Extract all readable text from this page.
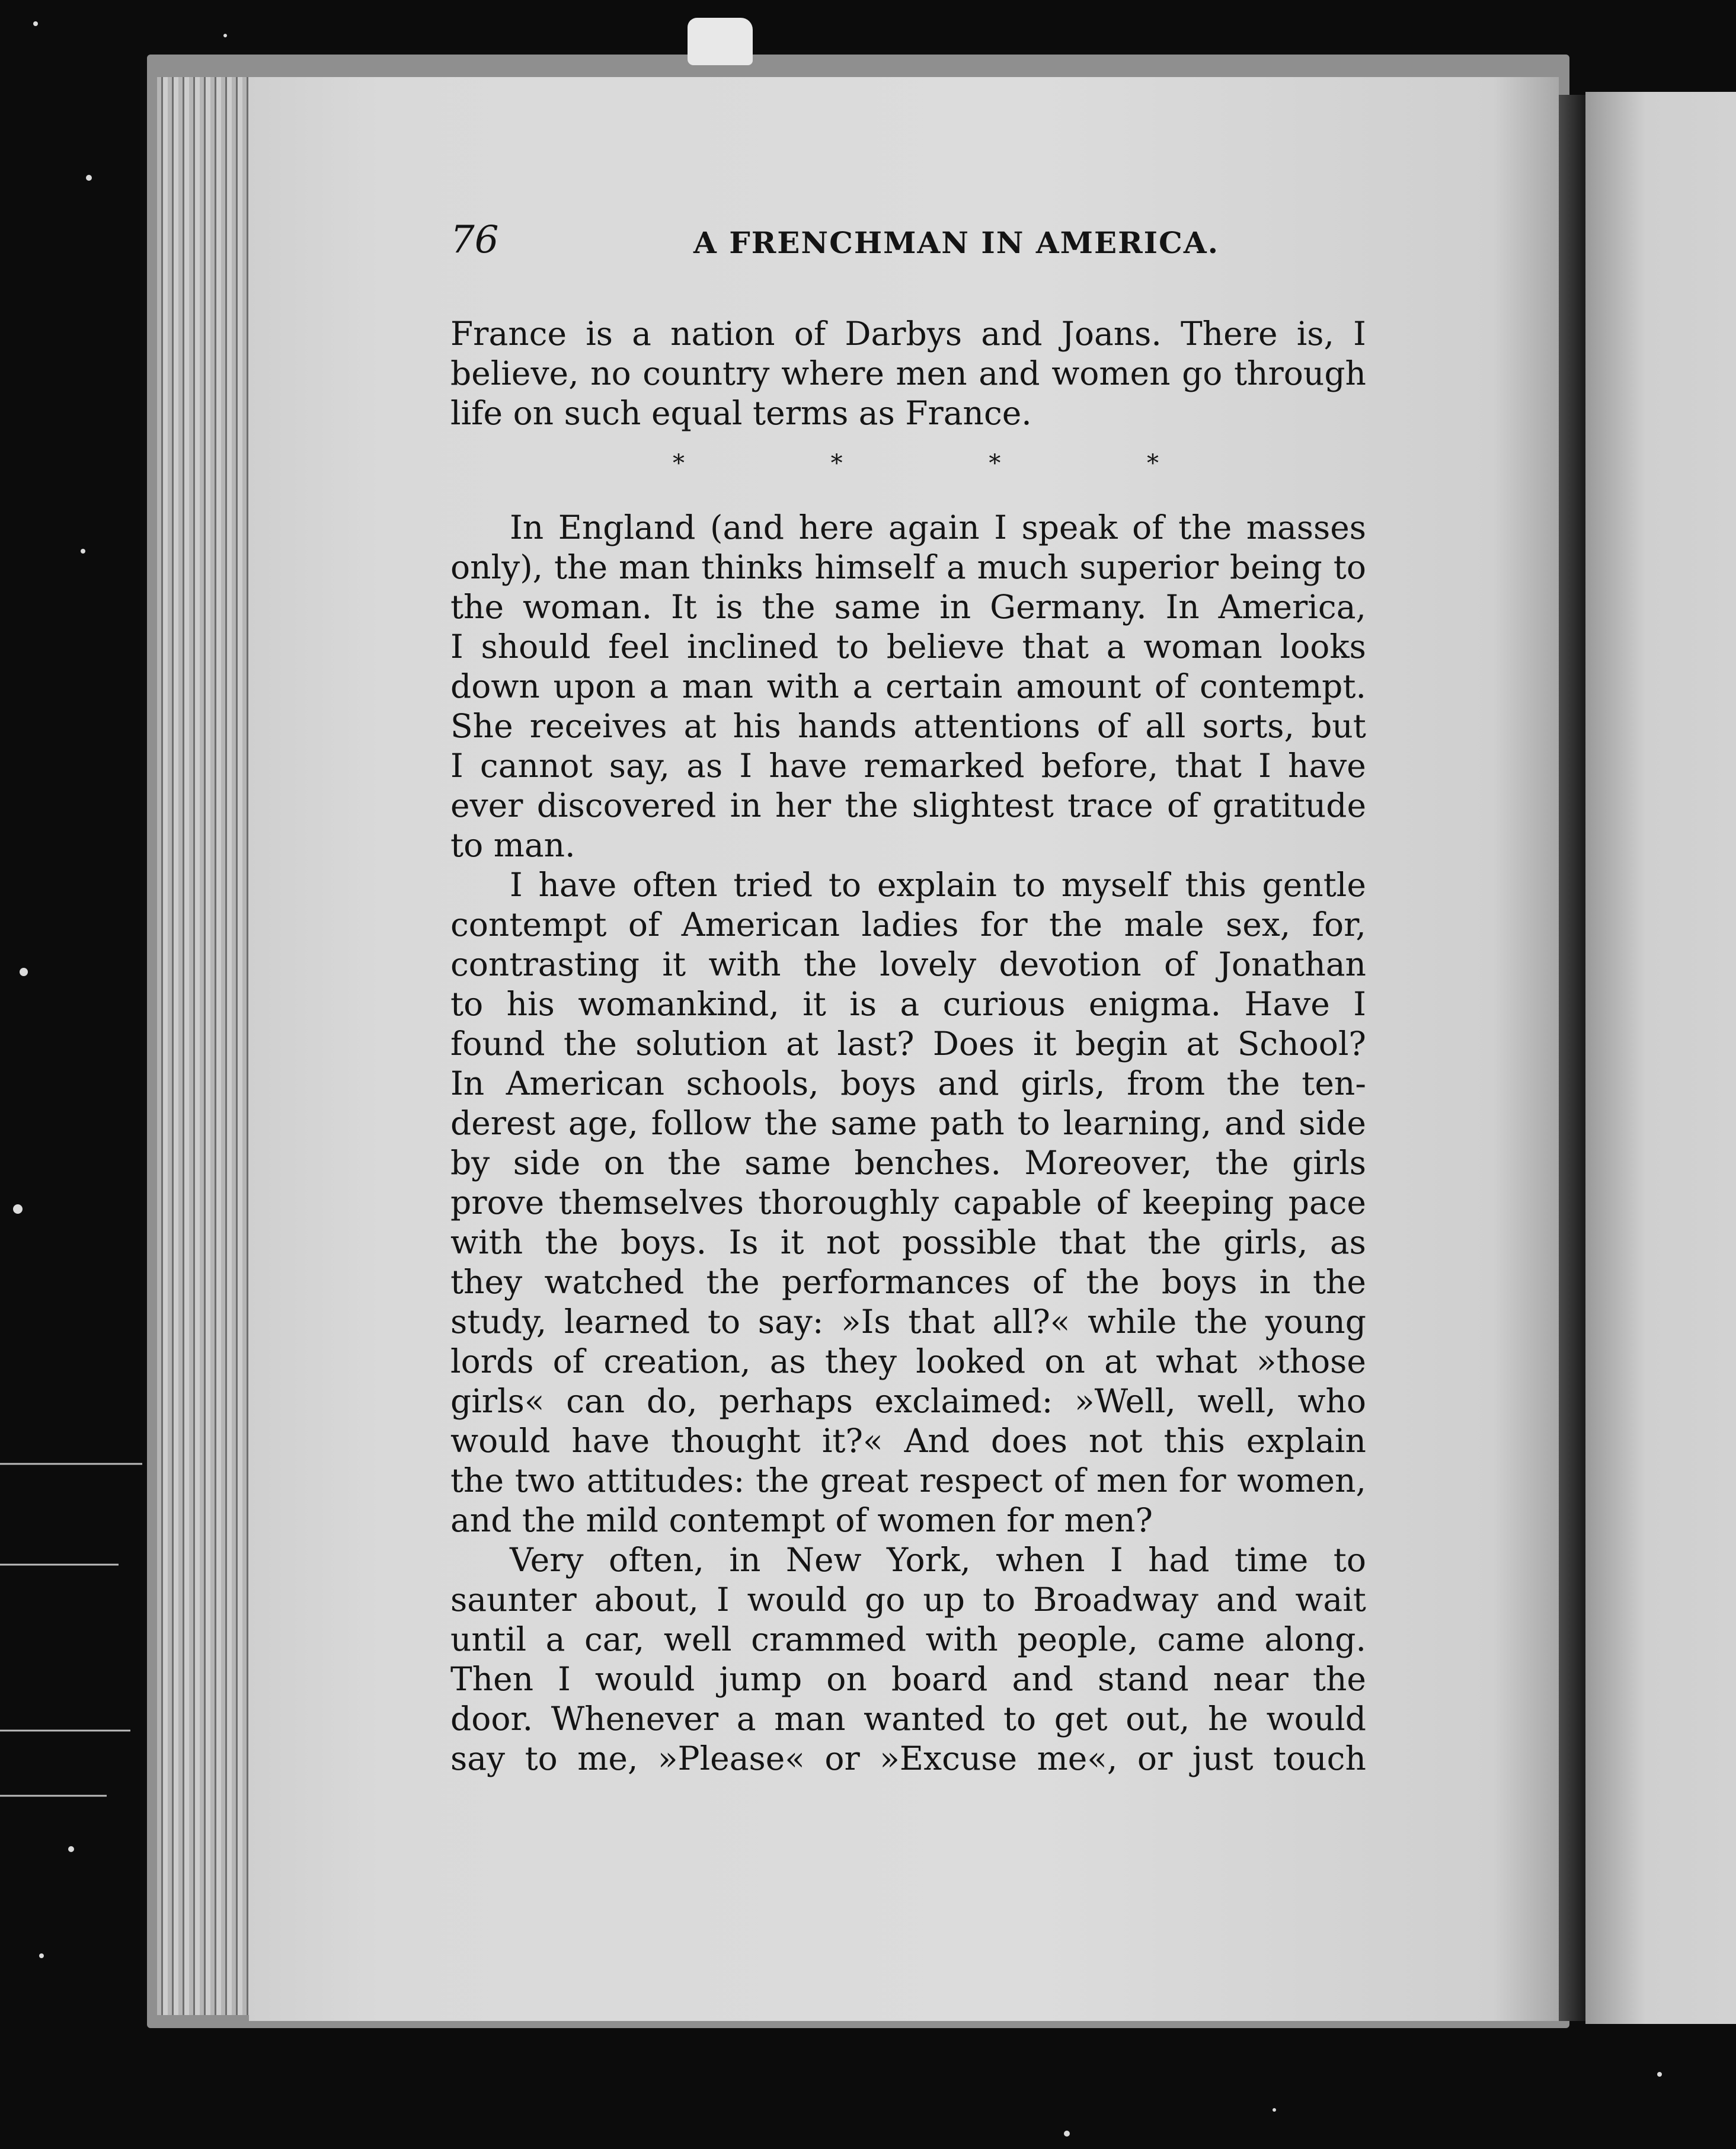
76	A FRENCHMAN IN AMERICA.
France is a nation of Darbys and Joans. There is, I
believe, no country where men and women go through
life on such equal terms as France.
*	*	*	*
In England (and here again I speak of the masses
only), the man thinks himself a much superior being to
the woman. It is the same in Germany. In America,
I should feel inclined to believe that a woman looks
down upon a man with a certain amount of contempt.
She receives at his hands attentions of all sorts, but
I cannot say, as I have remarked before, that I have
ever discovered in her the slightest trace of gratitude
to man.
I have often tried to explain to myself this gentle
contempt of American ladies for the male sex, for,
contrasting it with the lovely devotion of Jonathan
to his womankind, it is a curious enigma. Have I
found the solution at last? Does it begin at School?
In American schools, boys and girls, from the ten-
derest age, follow the same path to learning, and side
by side on the same benches. Moreover, the girls
prove themselves thoroughly capable of keeping pace
with the boys. Is it not possible that the girls, as
they watched the performances of the boys in the
study, learned to say: »Is that all?« while the young
lords of creation, as they looked on at what »those
girls« can do, perhaps exclaimed: »Well, well, who
would have thought it?« And does not this explain
the two attitudes: the great respect of men for women,
and the mild contempt of women for men?
Very often, in New York, when I had time to
saunter about, I would go up to Broadway and wait
until a car, well crammed with people, came along.
Then I would jump on board and stand near the
door. Whenever a man wanted to get out, he would
say to me, »Please« or »Excuse me«, or just touch
